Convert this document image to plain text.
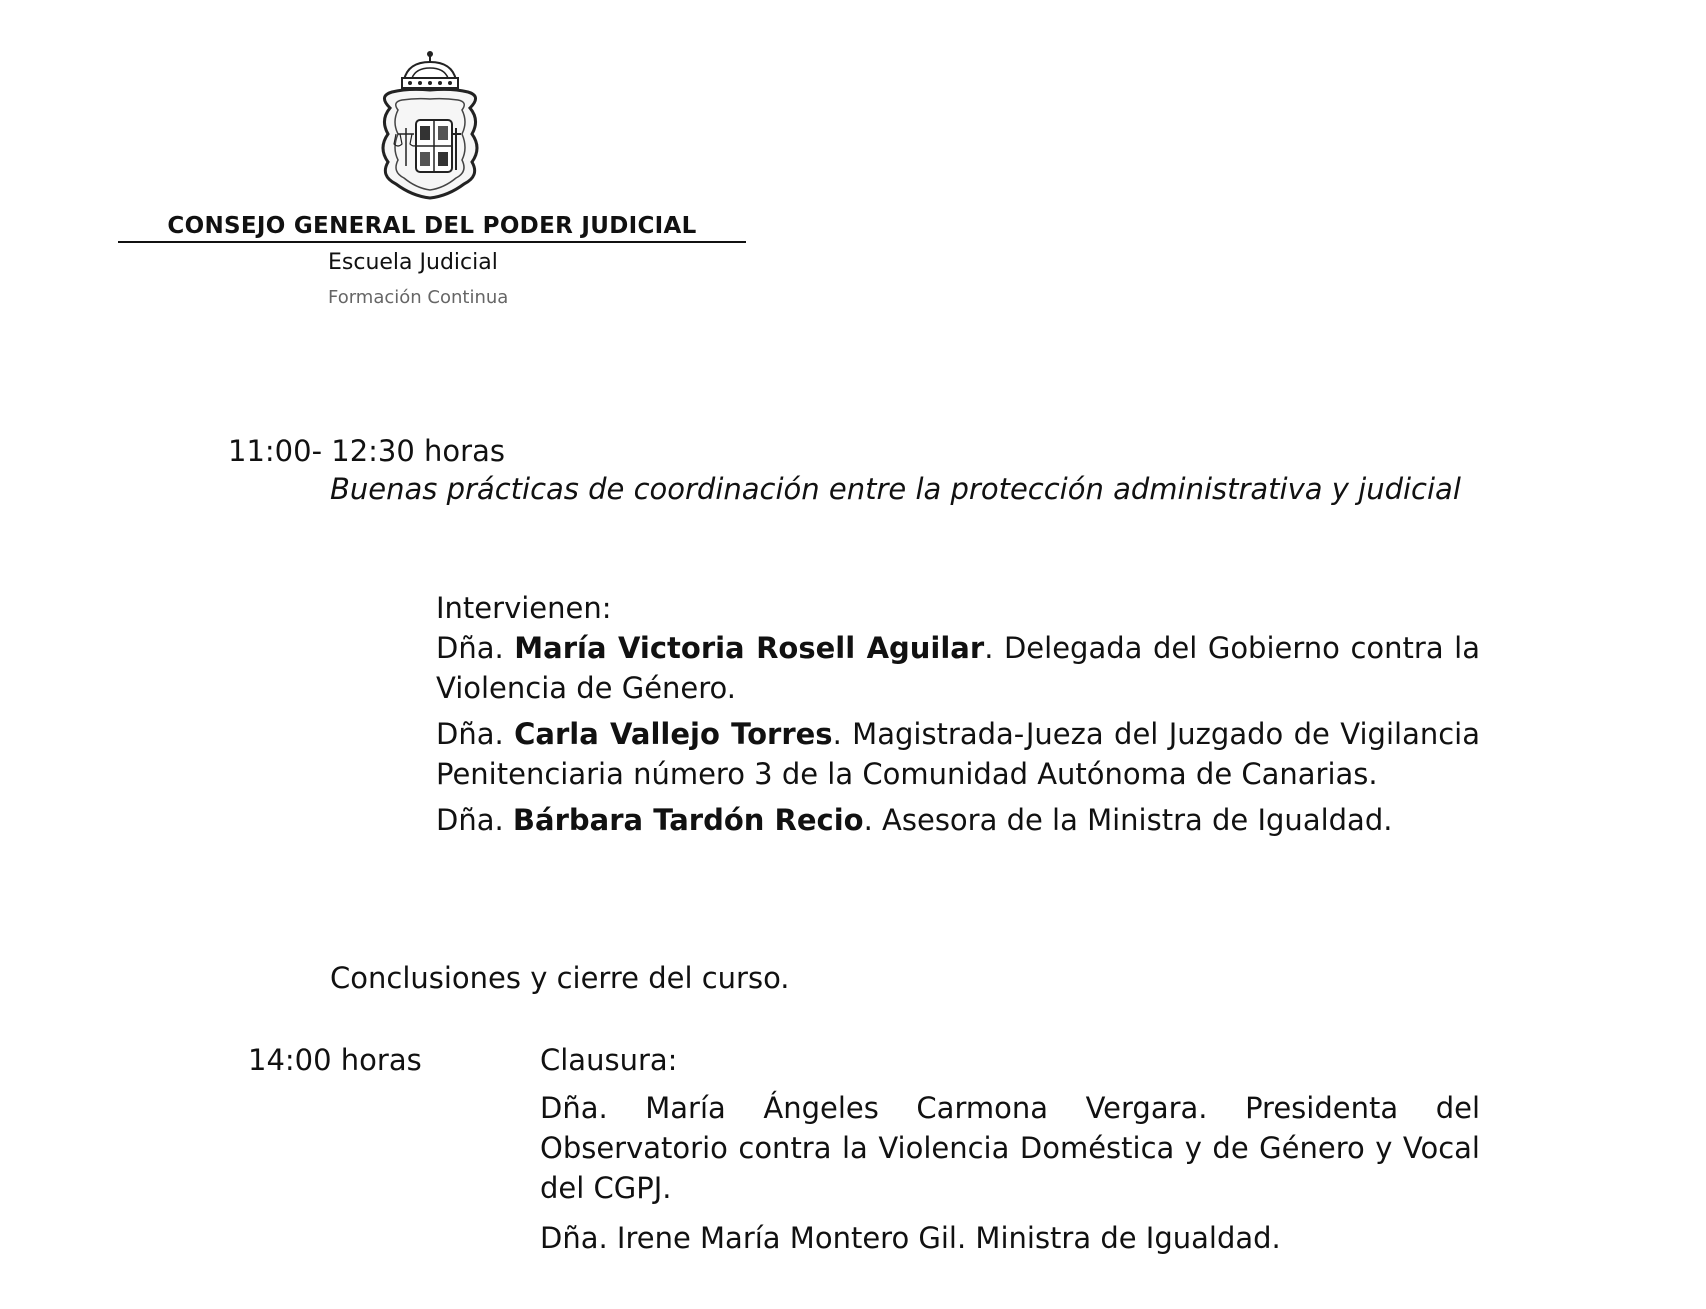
CONSEJO GENERAL DEL PODER JUDICIAL
Escuela Judicial
Formación Continua
11:00- 12:30 horas
Buenas prácticas de coordinación entre la protección administrativa y judicial

Intervienen:

Dña. María Victoria Rosell Aguilar. Delegada del Gobierno contra la Violencia de Género.

Dña. Carla Vallejo Torres. Magistrada-Jueza del Juzgado de Vigilancia Penitenciaria número 3 de la Comunidad Autónoma de Canarias.

Dña. Bárbara Tardón Recio. Asesora de la Ministra de Igualdad.

Conclusiones y cierre del curso.
14:00 horas	Clausura:

Dña. María Ángeles Carmona Vergara. Presidenta del Observatorio contra la Violencia Doméstica y de Género y Vocal del CGPJ.

Dña. Irene María Montero Gil. Ministra de Igualdad.
